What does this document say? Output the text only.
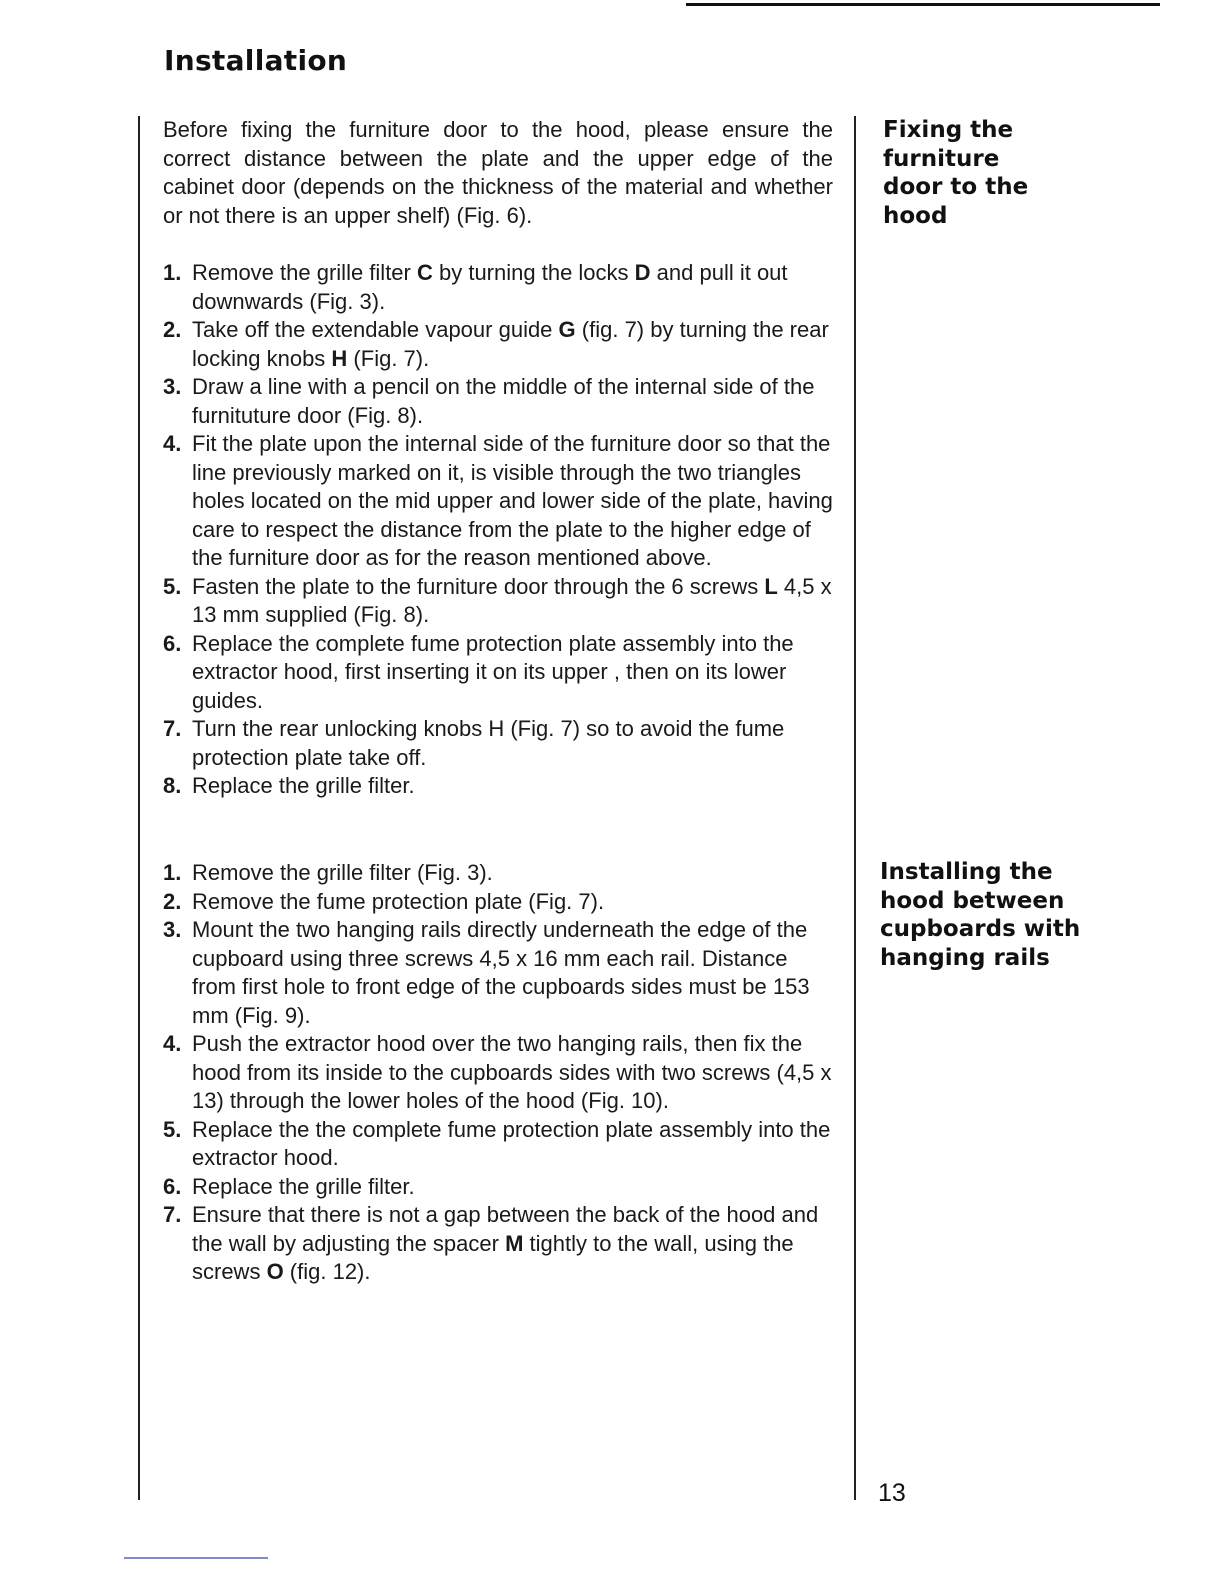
Installation

Before fixing the furniture door to the hood, please ensure the correct distance between the plate and the upper edge of the cabinet door (depends on the thickness of the material and whether or not there is an upper shelf) (Fig. 6).

1. Remove the grille filter C by turning the locks D and pull it out downwards (Fig. 3).
2. Take off the extendable vapour guide G (fig. 7) by turning the rear locking knobs H (Fig. 7).
3. Draw a line with a pencil on the middle of the internal side of the furnituture door (Fig. 8).
4. Fit the plate upon the internal side of the furniture door so that the line previously marked on it, is visible through the two triangles holes located on the mid upper and lower side of the plate, having care to respect the distance from the plate to the higher edge of the furniture door as for the reason mentioned above.
5. Fasten the plate to the furniture door through the 6 screws L 4,5 x 13 mm supplied (Fig. 8).
6. Replace the complete fume protection plate assembly into the extractor hood, first inserting it on its upper , then on its lower guides.
7. Turn the rear unlocking knobs H (Fig. 7) so to avoid the fume protection plate take off.
8. Replace the grille filter.
Fixing the
furniture
door to the
hood
1. Remove the grille filter (Fig. 3).
2. Remove the fume protection plate (Fig. 7).
3. Mount the two hanging rails directly underneath the edge of the cupboard using three screws 4,5 x 16 mm each rail. Distance from first hole to front edge of the cupboards sides must be 153 mm (Fig. 9).
4. Push the extractor hood over the two hanging rails, then fix the hood from its inside to the cupboards sides with two screws (4,5 x 13) through the lower holes of the hood (Fig. 10).
5. Replace the the complete fume protection plate assembly into the extractor hood.
6. Replace the grille filter.
7. Ensure that there is not a gap between the back of the hood and the wall by adjusting the spacer M tightly to the wall, using the screws O (fig. 12).
Installing the
hood between
cupboards with
hanging rails
13
